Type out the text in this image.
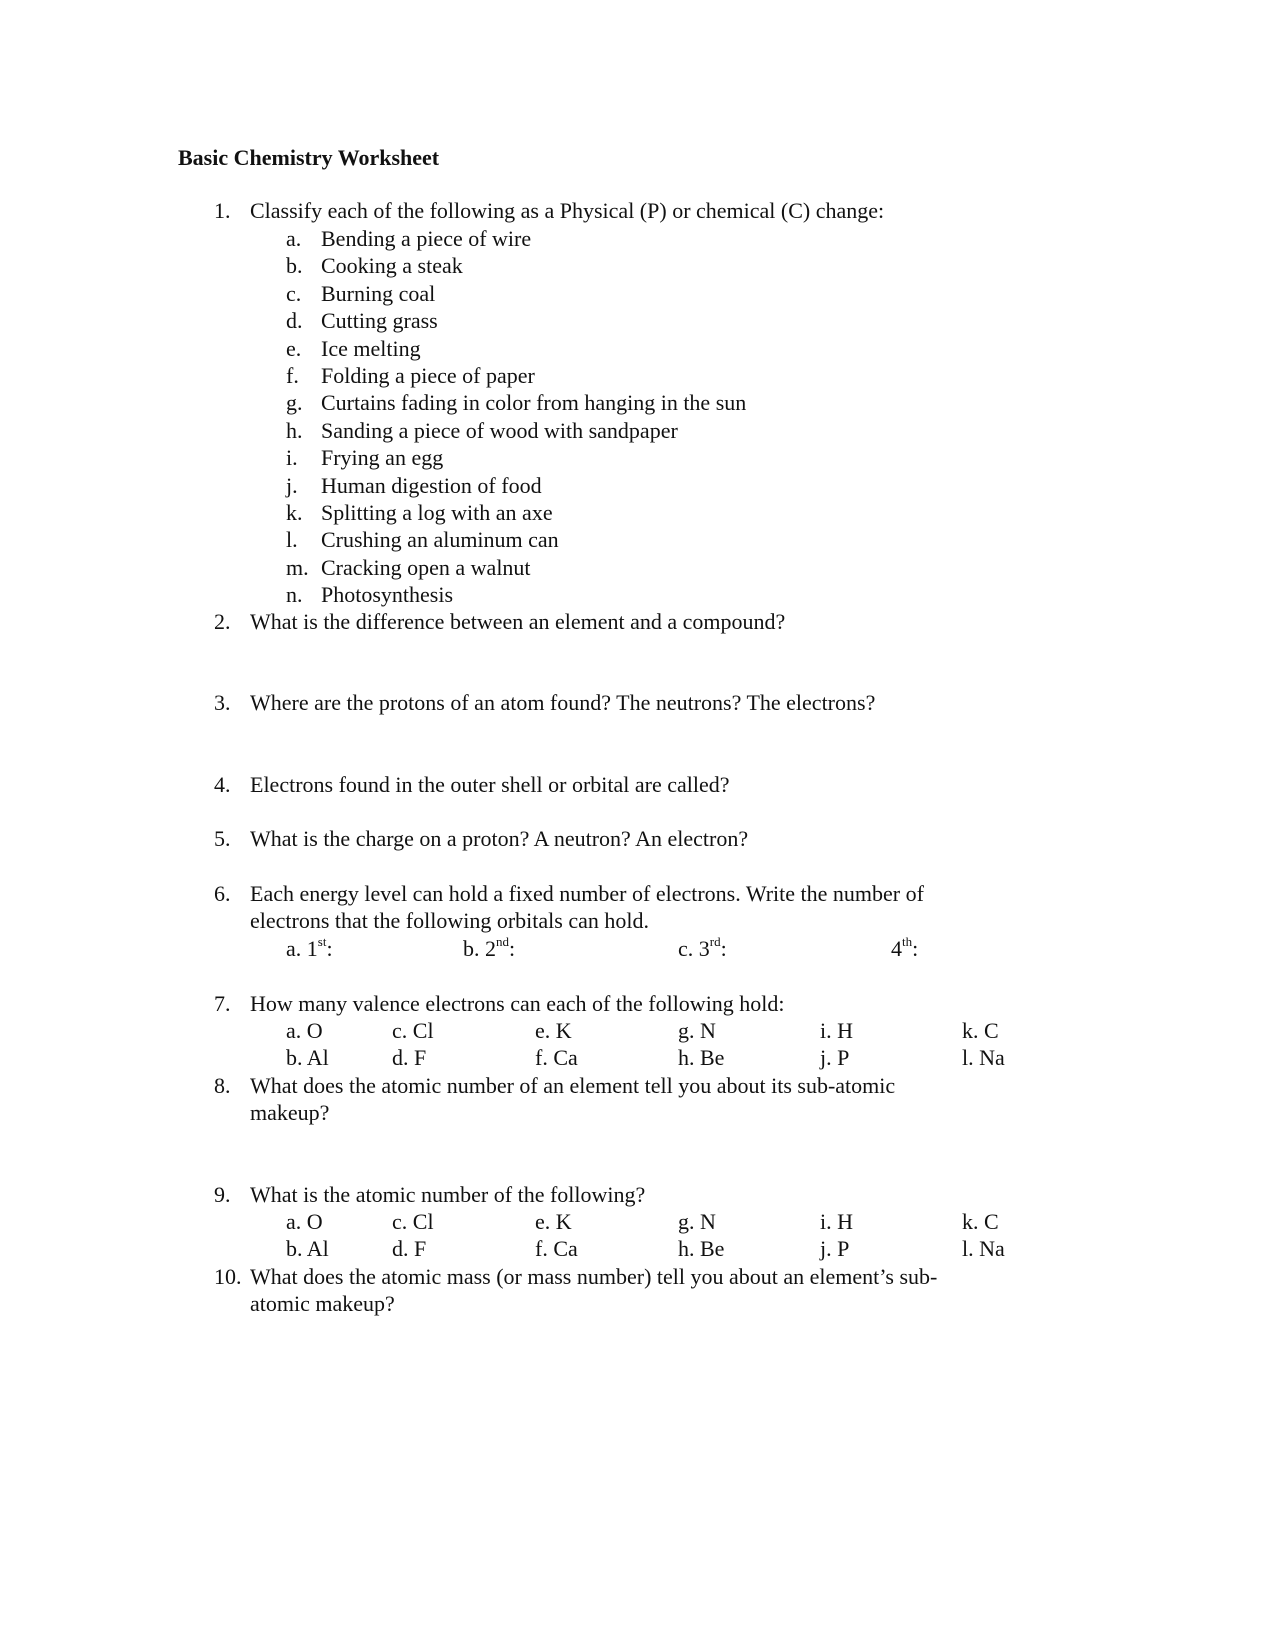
Basic Chemistry Worksheet
1. Classify each of the following as a Physical (P) or chemical (C) change:
a. Bending a piece of wire
b. Cooking a steak
c. Burning coal
d. Cutting grass
e. Ice melting
f. Folding a piece of paper
g. Curtains fading in color from hanging in the sun
h. Sanding a piece of wood with sandpaper
i. Frying an egg
j. Human digestion of food
k. Splitting a log with an axe
l. Crushing an aluminum can
m. Cracking open a walnut
n. Photosynthesis
2. What is the difference between an element and a compound?
3. Where are the protons of an atom found? The neutrons? The electrons?
4. Electrons found in the outer shell or orbital are called?
5. What is the charge on a proton? A neutron? An electron?
6. Each energy level can hold a fixed number of electrons. Write the number of
electrons that the following orbitals can hold.
a. 1st:	b. 2nd:	c. 3rd:	4th:
7. How many valence electrons can each of the following hold:
a. O	c. Cl	e. K	g. N	i. H	k. C
b. Al	d. F	f. Ca	h. Be	j. P	l. Na
8. What does the atomic number of an element tell you about its sub-atomic
makeup?
9. What is the atomic number of the following?
a. O	c. Cl	e. K	g. N	i. H	k. C
b. Al	d. F	f. Ca	h. Be	j. P	l. Na
10. What does the atomic mass (or mass number) tell you about an element’s sub-
atomic makeup?
